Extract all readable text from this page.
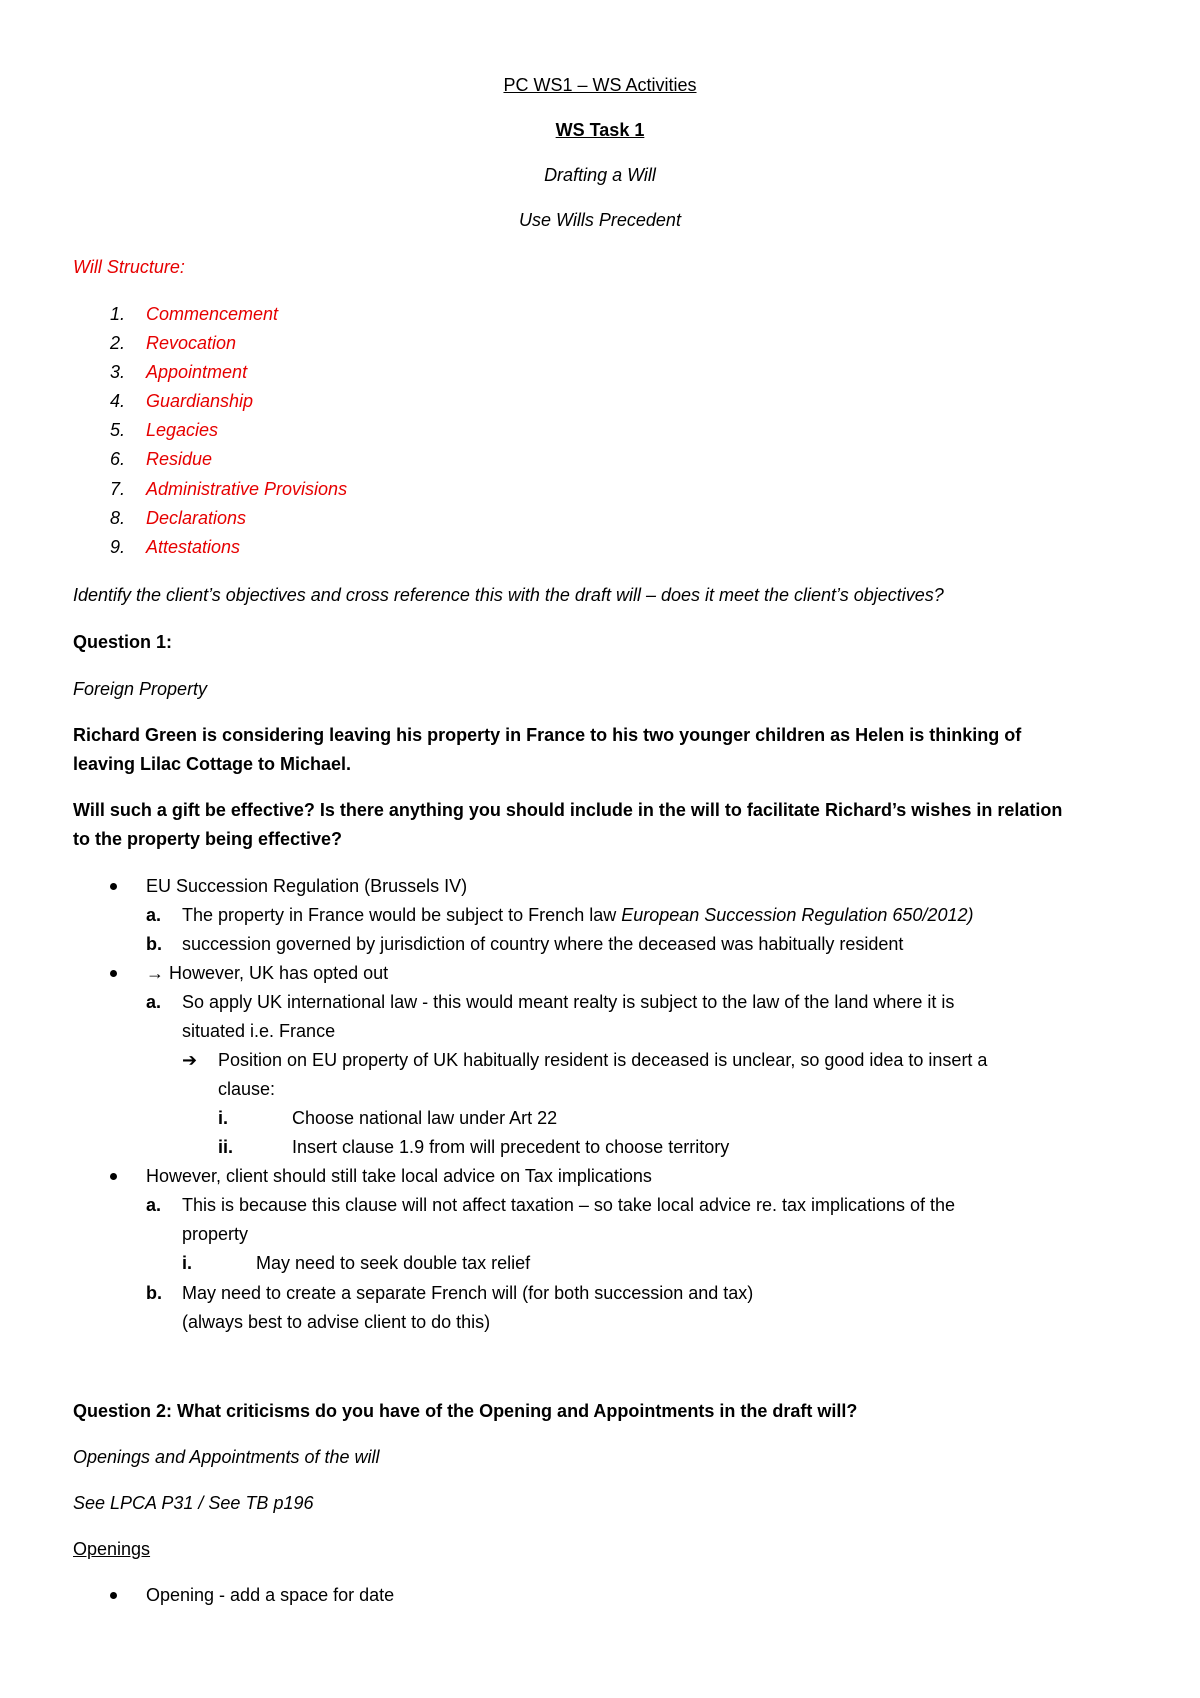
PC WS1 – WS Activities
WS Task 1
Drafting a Will
Use Wills Precedent
Will Structure:
1. Commencement
2. Revocation
3. Appointment
4. Guardianship
5. Legacies
6. Residue
7. Administrative Provisions
8. Declarations
9. Attestations
Identify the client’s objectives and cross reference this with the draft will – does it meet the client’s objectives?
Question 1:
Foreign Property
Richard Green is considering leaving his property in France to his two younger children as Helen is thinking of
leaving Lilac Cottage to Michael.
Will such a gift be effective? Is there anything you should include in the will to facilitate Richard’s wishes in relation
to the property being effective?
EU Succession Regulation (Brussels IV)
a. The property in France would be subject to French law European Succession Regulation 650/2012)
b. succession governed by jurisdiction of country where the deceased was habitually resident
→ However, UK has opted out
a. So apply UK international law - this would meant realty is subject to the law of the land where it is
situated i.e. France
➔ Position on EU property of UK habitually resident is deceased is unclear, so good idea to insert a
clause:
i.	Choose national law under Art 22
ii.	Insert clause 1.9 from will precedent to choose territory
However, client should still take local advice on Tax implications
a. This is because this clause will not affect taxation – so take local advice re. tax implications of the
property
i.	May need to seek double tax relief
b. May need to create a separate French will (for both succession and tax)
(always best to advise client to do this)
Question 2: What criticisms do you have of the Opening and Appointments in the draft will?
Openings and Appointments of the will
See LPCA P31 / See TB p196
Openings
Opening - add a space for date
